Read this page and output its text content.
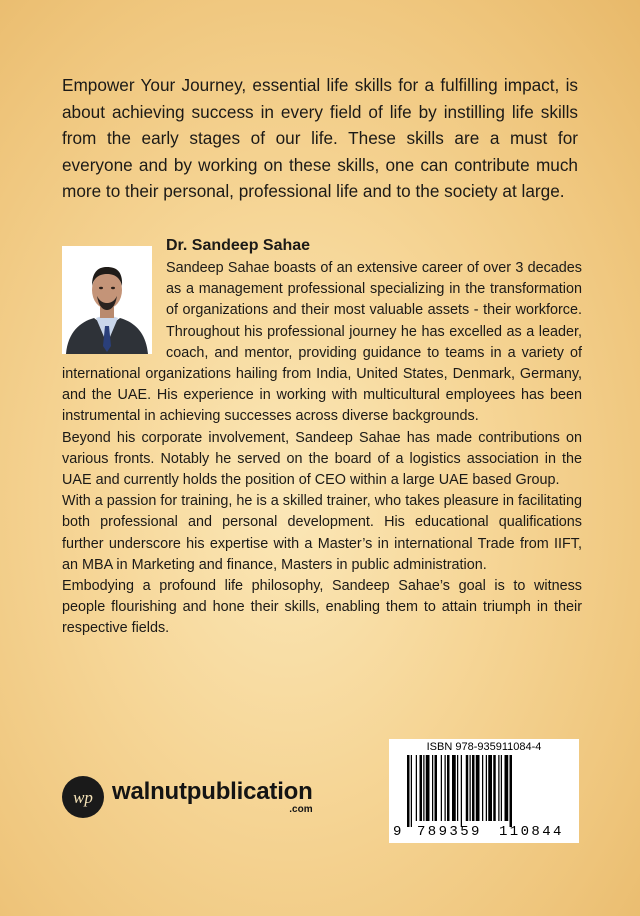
Empower Your Journey, essential life skills for a fulfilling impact, is about achieving success in every field of life by instilling life skills from the early stages of our life. These skills are a must for everyone and by working on these skills, one can contribute much more to their personal, professional life and to the society at large.
Dr. Sandeep Sahae

Sandeep Sahae boasts of an extensive career of over 3 decades as a management professional specializing in the transformation of organizations and their most valuable assets - their workforce. Throughout his professional journey he has excelled as a leader, coach, and mentor, providing guidance to teams in a variety of international organizations hailing from India, United States, Denmark, Germany, and the UAE. His experience in working with multicultural employees has been instrumental in achieving successes across diverse backgrounds.

Beyond his corporate involvement, Sandeep Sahae has made contributions on various fronts. Notably he served on the board of a logistics association in the UAE and currently holds the position of CEO within a large UAE based Group.

With a passion for training, he is a skilled trainer, who takes pleasure in facilitating both professional and personal development. His educational qualifications further underscore his expertise with a Master’s in international Trade from IIFT, an MBA in Marketing and finance, Masters in public administration.

Embodying a profound life philosophy, Sandeep Sahae’s goal is to witness people flourishing and hone their skills, enabling them to attain triumph in their respective fields.

wp walnutpublication
.com
ISBN 978-935911084-4
9 789359 110844
